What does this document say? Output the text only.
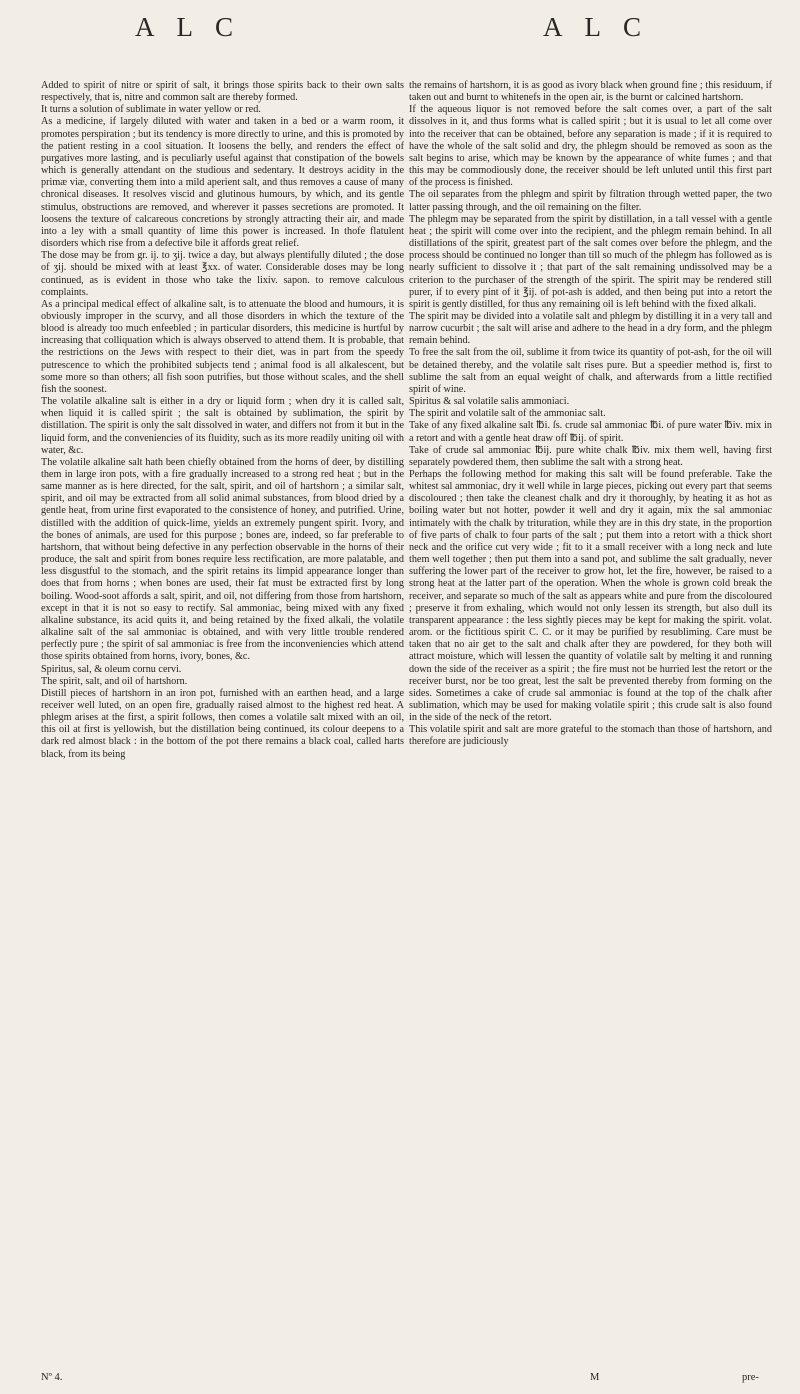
ALC	ALC

Added to spirit of nitre or spirit of salt, it brings those spirits back to their own salts respectively, that is, nitre and common salt are thereby formed.

It turns a solution of sublimate in water yellow or red.

As a medicine, if largely diluted with water and taken in a bed or a warm room, it promotes perspiration ; but its tendency is more directly to urine, and this is promoted by the patient resting in a cool situation. It loosens the belly, and renders the effect of purgatives more lasting, and is peculiarly useful against that constipation of the bowels which is generally attendant on the studious and sedentary. It destroys acidity in the primæ viæ, converting them into a mild aperient salt, and thus removes a cause of many chronical diseases. It resolves viscid and glutinous humours, by which, and its gentle stimulus, obstructions are removed, and wherever it passes secretions are promoted. It loosens the texture of calcareous concretions by strongly attracting their air, and made into a ley with a small quantity of lime this power is increased. In thofe flatulent disorders which rise from a defective bile it affords great relief.

The dose may be from gr. ij. to ʒij. twice a day, but always plentifully diluted ; the dose of ʒij. should be mixed with at least ℥xx. of water. Considerable doses may be long continued, as is evident in those who take the lixiv. sapon. to remove calculous complaints.

As a principal medical effect of alkaline salt, is to attenuate the blood and humours, it is obviously improper in the scurvy, and all those disorders in which the texture of the blood is already too much enfeebled ; in particular disorders, this medicine is hurtful by increasing that colliquation which is always observed to attend them. It is probable, that the restrictions on the Jews with respect to their diet, was in part from the speedy putrescence to which the prohibited subjects tend ; animal food is all alkalescent, but some more so than others; all fish soon putrifies, but those without scales, and the shell fish the soonest.

The volatile alkaline salt is either in a dry or liquid form ; when dry it is called salt, when liquid it is called spirit ; the salt is obtained by sublimation, the spirit by distillation. The spirit is only the salt dissolved in water, and differs not from it but in the liquid form, and the conveniencies of its fluidity, such as its more readily uniting oil with water, &c.

The volatile alkaline salt hath been chiefly obtained from the horns of deer, by distilling them in large iron pots, with a fire gradually increased to a strong red heat ; but in the same manner as is here directed, for the salt, spirit, and oil of hartshorn ; a similar salt, spirit, and oil may be extracted from all solid animal substances, from blood dried by a gentle heat, from urine first evaporated to the consistence of honey, and putrified. Urine, distilled with the addition of quick-lime, yields an extremely pungent spirit. Ivory, and the bones of animals, are used for this purpose ; bones are, indeed, so far preferable to hartshorn, that without being defective in any perfection observable in the horns of their produce, the salt and spirit from bones require less rectification, are more palatable, and less disgustful to the stomach, and the spirit retains its limpid appearance longer than does that from horns ; when bones are used, their fat must be extracted first by long boiling. Wood-soot affords a salt, spirit, and oil, not differing from those from hartshorn, except in that it is not so easy to rectify. Sal ammoniac, being mixed with any fixed alkaline substance, its acid quits it, and being retained by the fixed alkali, the volatile alkaline salt of the sal ammoniac is obtained, and with very little trouble rendered perfectly pure ; the spirit of sal ammoniac is free from the inconveniencies which attend those spirits obtained from horns, ivory, bones, &c.

Spiritus, sal, & oleum cornu cervi.

The spirit, salt, and oil of hartshorn.

Distill pieces of hartshorn in an iron pot, furnished with an earthen head, and a large receiver well luted, on an open fire, gradually raised almost to the highest red heat. A phlegm arises at the first, a spirit follows, then comes a volatile salt mixed with an oil, this oil at first is yellowish, but the distillation being continued, its colour deepens to a dark red almost black : in the bottom of the pot there remains a black coal, called harts black, from its being

the remains of hartshorn, it is as good as ivory black when ground fine ; this residuum, if taken out and burnt to whitenefs in the open air, is the burnt or calcined hartshorn.

If the aqueous liquor is not removed before the salt comes over, a part of the salt dissolves in it, and thus forms what is called spirit ; but it is usual to let all come over into the receiver that can be obtained, before any separation is made ; if it is required to have the whole of the salt solid and dry, the phlegm should be removed as soon as the salt begins to arise, which may be known by the appearance of white fumes ; and that this may be commodiously done, the receiver should be left unluted until this first part of the process is finished.

The oil separates from the phlegm and spirit by filtration through wetted paper, the two latter passing through, and the oil remaining on the filter.

The phlegm may be separated from the spirit by distillation, in a tall vessel with a gentle heat ; the spirit will come over into the recipient, and the phlegm remain behind. In all distillations of the spirit, greatest part of the salt comes over before the phlegm, and the process should be continued no longer than till so much of the phlegm has followed as is nearly sufficient to dissolve it ; that part of the salt remaining undissolved may be a criterion to the purchaser of the strength of the spirit. The spirit may be rendered still purer, if to every pint of it ℥ij. of pot-ash is added, and then being put into a retort the spirit is gently distilled, for thus any remaining oil is left behind with the fixed alkali.

The spirit may be divided into a volatile salt and phlegm by distilling it in a very tall and narrow cucurbit ; the salt will arise and adhere to the head in a dry form, and the phlegm remain behind.

To free the salt from the oil, sublime it from twice its quantity of pot-ash, for the oil will be detained thereby, and the volatile salt rises pure. But a speedier method is, first to sublime the salt from an equal weight of chalk, and afterwards from a little rectified spirit of wine.

Spiritus & sal volatile salis ammoniaci.

The spirit and volatile salt of the ammoniac salt.

Take of any fixed alkaline salt ℔i. ſs. crude sal ammoniac ℔i. of pure water ℔iv. mix in a retort and with a gentle heat draw off ℔ij. of spirit.

Take of crude sal ammoniac ℔ij. pure white chalk ℔iv. mix them well, having first separately powdered them, then sublime the salt with a strong heat.

Perhaps the following method for making this salt will be found preferable. Take the whitest sal ammoniac, dry it well while in large pieces, picking out every part that seems discoloured ; then take the cleanest chalk and dry it thoroughly, by heating it as hot as boiling water but not hotter, powder it well and dry it again, mix the sal ammoniac intimately with the chalk by trituration, while they are in this dry state, in the proportion of five parts of chalk to four parts of the salt ; put them into a retort with a thick short neck and the orifice cut very wide ; fit to it a small receiver with a long neck and lute them well together ; then put them into a sand pot, and sublime the salt gradually, never suffering the lower part of the receiver to grow hot, let the fire, however, be raised to a strong heat at the latter part of the operation. When the whole is grown cold break the receiver, and separate so much of the salt as appears white and pure from the discoloured ; preserve it from exhaling, which would not only lessen its strength, but also dull its transparent appearance : the less sightly pieces may be kept for making the spirit. volat. arom. or the fictitious spirit C. C. or it may be purified by resubliming. Care must be taken that no air get to the salt and chalk after they are powdered, for they both will attract moisture, which will lessen the quantity of volatile salt by melting it and running down the side of the receiver as a spirit ; the fire must not be hurried lest the retort or the receiver burst, nor be too great, lest the salt be prevented thereby from forming on the sides. Sometimes a cake of crude sal ammoniac is found at the top of the chalk after sublimation, which may be used for making volatile spirit ; this crude salt is also found in the side of the neck of the retort.

This volatile spirit and salt are more grateful to the stomach than those of hartshorn, and therefore are judiciously

Nº 4.	M	pre-
